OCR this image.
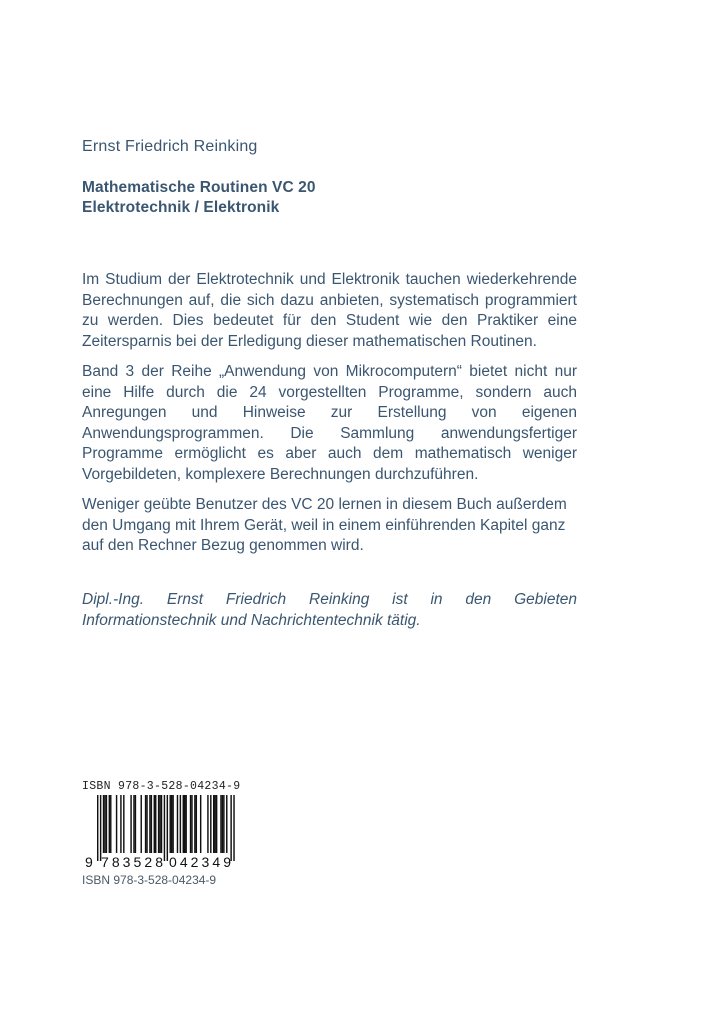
Ernst Friedrich Reinking
Mathematische Routinen VC 20
Elektrotechnik / Elektronik

Im Studium der Elektrotechnik und Elektronik tauchen wiederkehrende Berechnungen auf, die sich dazu anbieten, systematisch programmiert zu werden. Dies bedeutet für den Student wie den Praktiker eine Zeitersparnis bei der Erledigung dieser mathematischen Routinen.

Band 3 der Reihe „Anwendung von Mikrocomputern“ bietet nicht nur eine Hilfe durch die 24 vorgestellten Programme, sondern auch Anregungen und Hinweise zur Erstellung von eigenen Anwendungsprogrammen. Die Sammlung anwendungsfertiger Programme ermöglicht es aber auch dem mathematisch weniger Vorgebildeten, komplexere Berechnungen durchzuführen.

Weniger geübte Benutzer des VC 20 lernen in diesem Buch außerdem den Umgang mit Ihrem Gerät, weil in einem einführenden Kapitel ganz auf den Rechner Bezug genommen wird.

Dipl.-Ing. Ernst Friedrich Reinking ist in den Gebieten Informationstechnik und Nachrichtentechnik tätig.

ISBN 978-3-528-04234-9

9 783528 042349

ISBN 978-3-528-04234-9
